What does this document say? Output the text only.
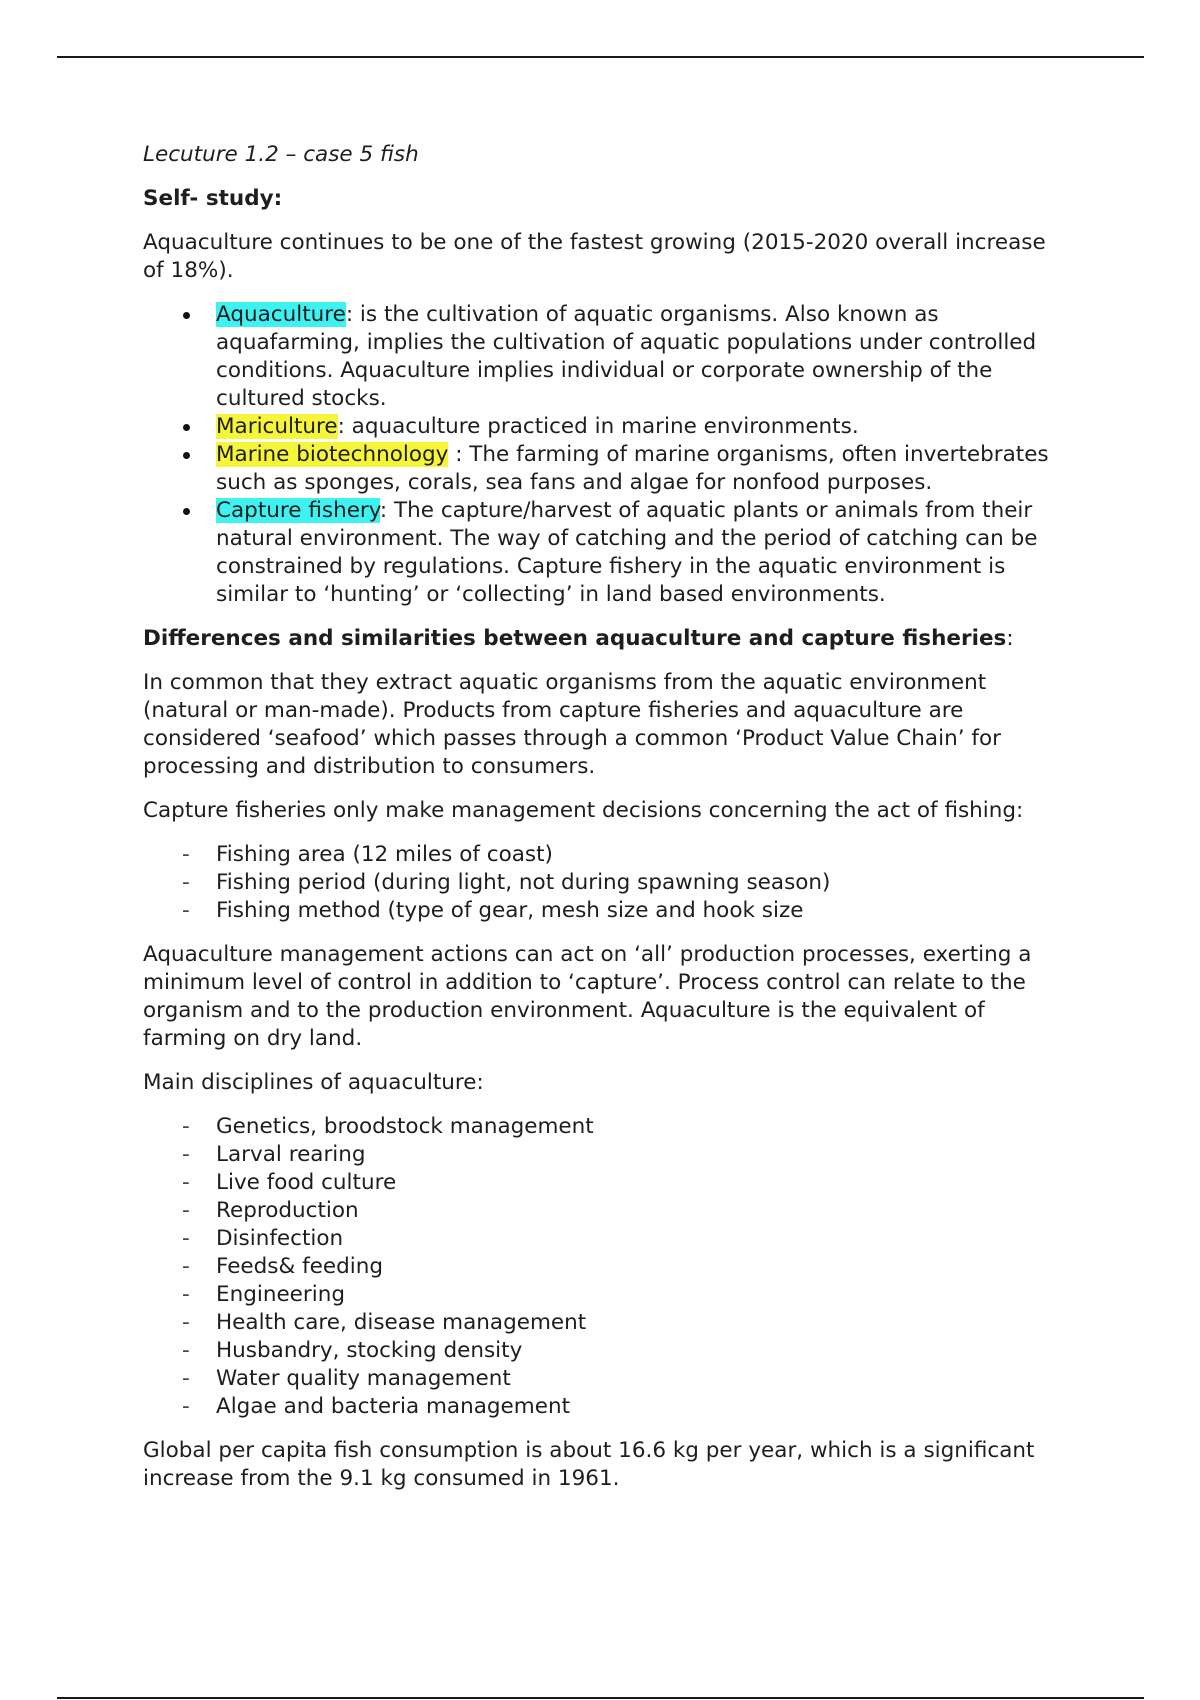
Lecuture 1.2 – case 5 fish

Self- study:

Aquaculture continues to be one of the fastest growing (2015-2020 overall increase of 18%).

Aquaculture: is the cultivation of aquatic organisms. Also known as aquafarming, implies the cultivation of aquatic populations under controlled conditions. Aquaculture implies individual or corporate ownership of the cultured stocks.
Mariculture: aquaculture practiced in marine environments.
Marine biotechnology : The farming of marine organisms, often invertebrates such as sponges, corals, sea fans and algae for nonfood purposes.
Capture fishery: The capture/harvest of aquatic plants or animals from their natural environment. The way of catching and the period of catching can be constrained by regulations. Capture fishery in the aquatic environment is similar to ‘hunting’ or ‘collecting’ in land based environments.

Differences and similarities between aquaculture and capture fisheries:

In common that they extract aquatic organisms from the aquatic environment (natural or man-made). Products from capture fisheries and aquaculture are considered ‘seafood’ which passes through a common ‘Product Value Chain’ for processing and distribution to consumers.

Capture fisheries only make management decisions concerning the act of fishing:

- Fishing area (12 miles of coast)
- Fishing period (during light, not during spawning season)
- Fishing method (type of gear, mesh size and hook size

Aquaculture management actions can act on ‘all’ production processes, exerting a minimum level of control in addition to ‘capture’. Process control can relate to the organism and to the production environment. Aquaculture is the equivalent of farming on dry land.

Main disciplines of aquaculture:

- Genetics, broodstock management
- Larval rearing
- Live food culture
- Reproduction
- Disinfection
- Feeds& feeding
- Engineering
- Health care, disease management
- Husbandry, stocking density
- Water quality management
- Algae and bacteria management

Global per capita fish consumption is about 16.6 kg per year, which is a significant increase from the 9.1 kg consumed in 1961.
